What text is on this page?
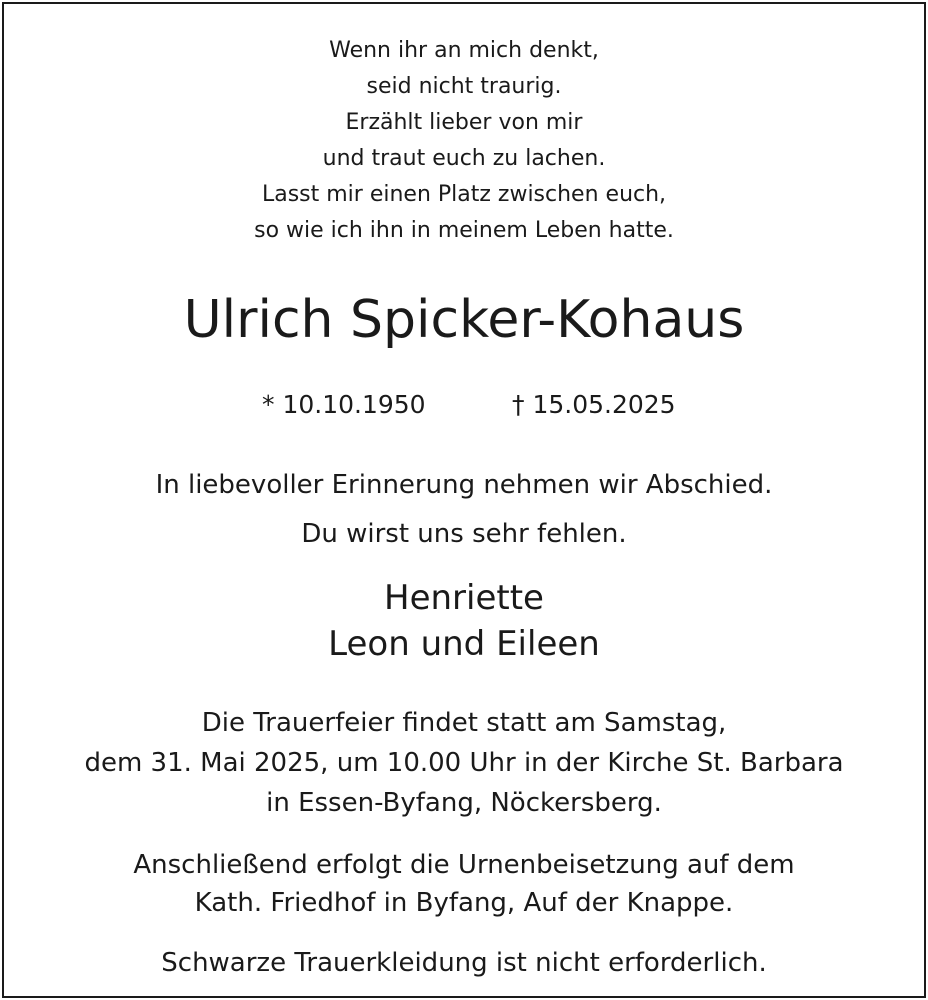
Wenn ihr an mich denkt,
seid nicht traurig.
Erzählt lieber von mir
und traut euch zu lachen.
Lasst mir einen Platz zwischen euch,
so wie ich ihn in meinem Leben hatte.
Ulrich Spicker-Kohaus
* 10.10.1950	† 15.05.2025
In liebevoller Erinnerung nehmen wir Abschied.
Du wirst uns sehr fehlen.
Henriette
Leon und Eileen
Die Trauerfeier findet statt am Samstag,
dem 31. Mai 2025, um 10.00 Uhr in der Kirche St. Barbara
in Essen-Byfang, Nöckersberg.
Anschließend erfolgt die Urnenbeisetzung auf dem
Kath. Friedhof in Byfang, Auf der Knappe.
Schwarze Trauerkleidung ist nicht erforderlich.
